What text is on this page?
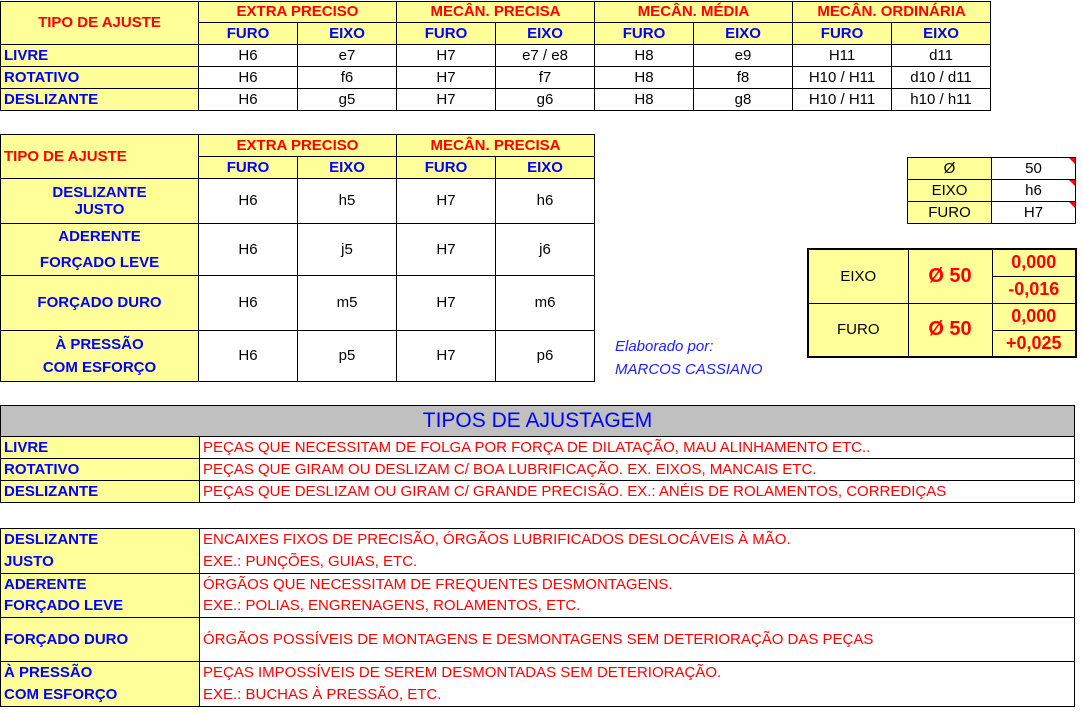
TIPO DE AJUSTE	EXTRA PRECISO		MECÂN. PRECISA		MECÂN. MÉDIA		MECÂN. ORDINÁRIA	
	FURO	EIXO	FURO	EIXO	FURO	EIXO	FURO	EIXO
LIVRE	H6	e7	H7	e7 / e8	H8	e9	H11	d11
ROTATIVO	H6	f6	H7	f7	H8	f8	H10 / H11	d10 / d11
DESLIZANTE	H6	g5	H7	g6	H8	g8	H10 / H11	h10 / h11
TIPO DE AJUSTE	EXTRA PRECISO		MECÂN. PRECISA	
	FURO	EIXO	FURO	EIXO
DESLIZANTE
JUSTO	H6	h5	H7	h6
ADERENTE
FORÇADO LEVE	H6	j5	H7	j6
FORÇADO DURO	H6	m5	H7	m6
À PRESSÃO
COM ESFORÇO	H6	p5	H7	p6
Ø	50
EIXO	h6
FURO	H7
EIXO	Ø 50	0,000
		-0,016
FURO	Ø 50	0,000
		+0,025
Elaborado por:
MARCOS CASSIANO
TIPOS DE AJUSTAGEM	
LIVRE	PEÇAS QUE NECESSITAM DE FOLGA POR FORÇA DE DILATAÇÃO, MAU ALINHAMENTO ETC..
ROTATIVO	PEÇAS QUE GIRAM OU DESLIZAM C/ BOA LUBRIFICAÇÃO. EX. EIXOS, MANCAIS ETC.
DESLIZANTE	PEÇAS QUE DESLIZAM OU GIRAM C/ GRANDE PRECISÃO. EX.: ANÉIS DE ROLAMENTOS, CORREDIÇAS
DESLIZANTE
JUSTO	ENCAIXES FIXOS DE PRECISÃO, ÓRGÃOS LUBRIFICADOS DESLOCÁVEIS À MÃO.
EXE.: PUNÇÕES, GUIAS, ETC.
ADERENTE
FORÇADO LEVE	ÓRGÃOS QUE NECESSITAM DE FREQUENTES DESMONTAGENS.
EXE.: POLIAS, ENGRENAGENS, ROLAMENTOS, ETC.
FORÇADO DURO	ÓRGÃOS POSSÍVEIS DE MONTAGENS E DESMONTAGENS SEM DETERIORAÇÃO DAS PEÇAS
À PRESSÃO
COM ESFORÇO	PEÇAS IMPOSSÍVEIS DE SEREM DESMONTADAS SEM DETERIORAÇÃO.
EXE.: BUCHAS À PRESSÃO, ETC.
